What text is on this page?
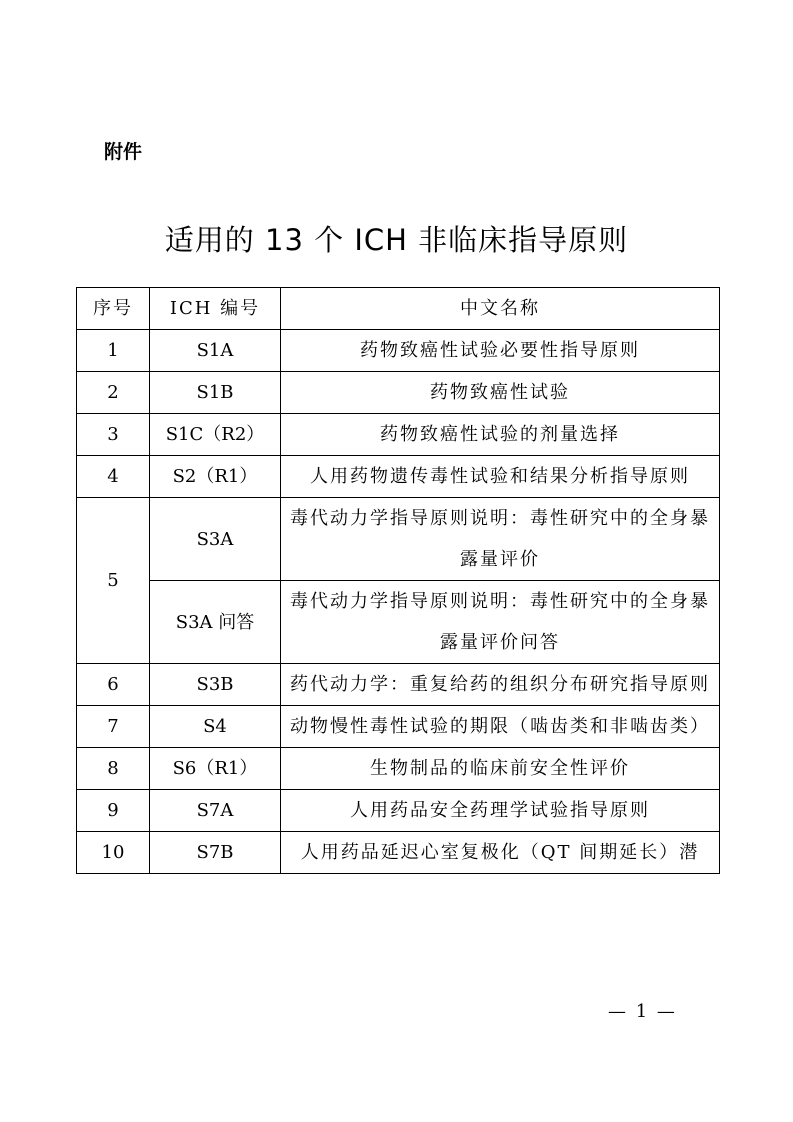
附件
适用的 13 个 ICH 非临床指导原则
序号	ICH 编号	中文名称
1	S1A	药物致癌性试验必要性指导原则
2	S1B	药物致癌性试验
3	S1C（R2）	药物致癌性试验的剂量选择
4	S2（R1）	人用药物遗传毒性试验和结果分析指导原则
5	S3A	毒代动力学指导原则说明：毒性研究中的全身暴露量评价
	S3A 问答	毒代动力学指导原则说明：毒性研究中的全身暴露量评价问答
6	S3B	药代动力学：重复给药的组织分布研究指导原则
7	S4	动物慢性毒性试验的期限（啮齿类和非啮齿类）
8	S6（R1）	生物制品的临床前安全性评价
9	S7A	人用药品安全药理学试验指导原则
10	S7B	人用药品延迟心室复极化（QT 间期延长）潜
— 1 —
